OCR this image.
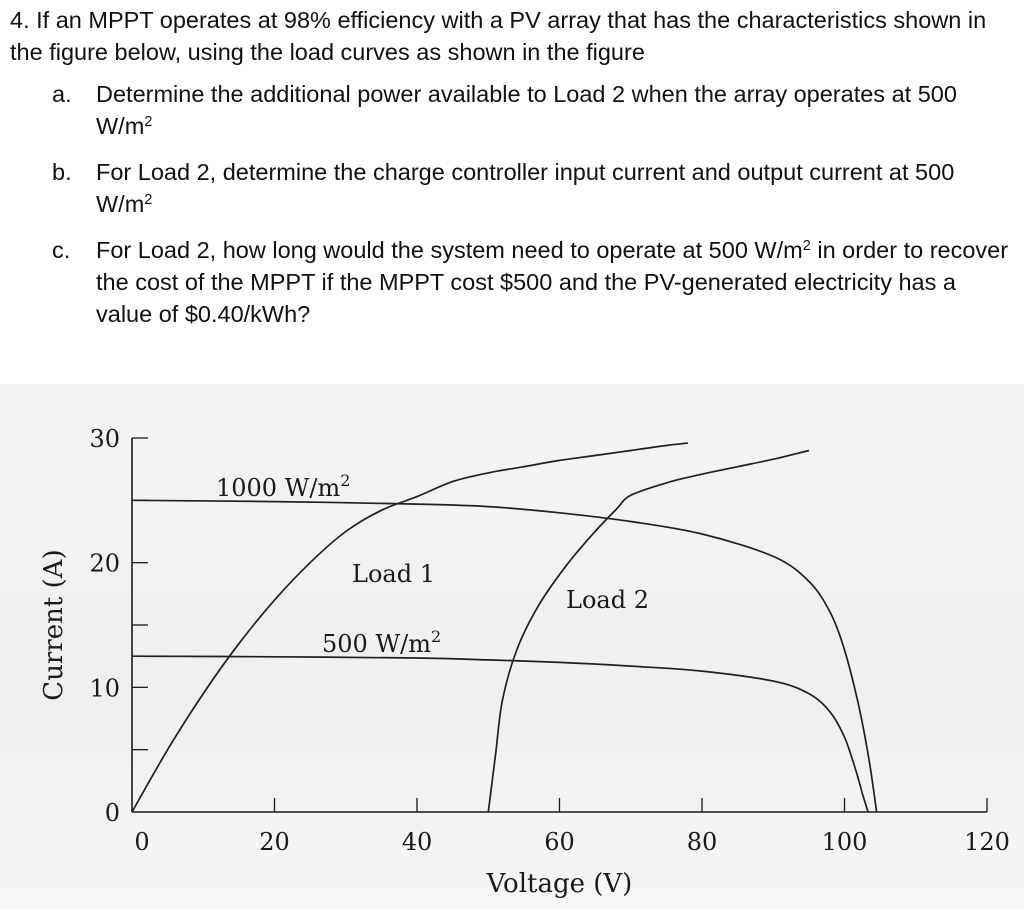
4. If an MPPT operates at 98% efficiency with a PV array that has the characteristics shown in the figure below, using the load curves as shown in the figure

a. Determine the additional power available to Load 2 when the array operates at 500 $W/m^2$
b. For Load 2, determine the charge controller input current and output current at 500 $W/m^2$
c. For Load 2, how long would the system need to operate at 500 $W/m^2$ in order to recover the cost of the MPPT if the MPPT cost $500 and the PV-generated electricity has a value of $0.40/kWh?
0
10
20
30
0	20	40	60	80	100	120
Voltage (V)
Current (A)
1000 $W/m^2$
500 $W/m^2$
Load 1
Load 2
